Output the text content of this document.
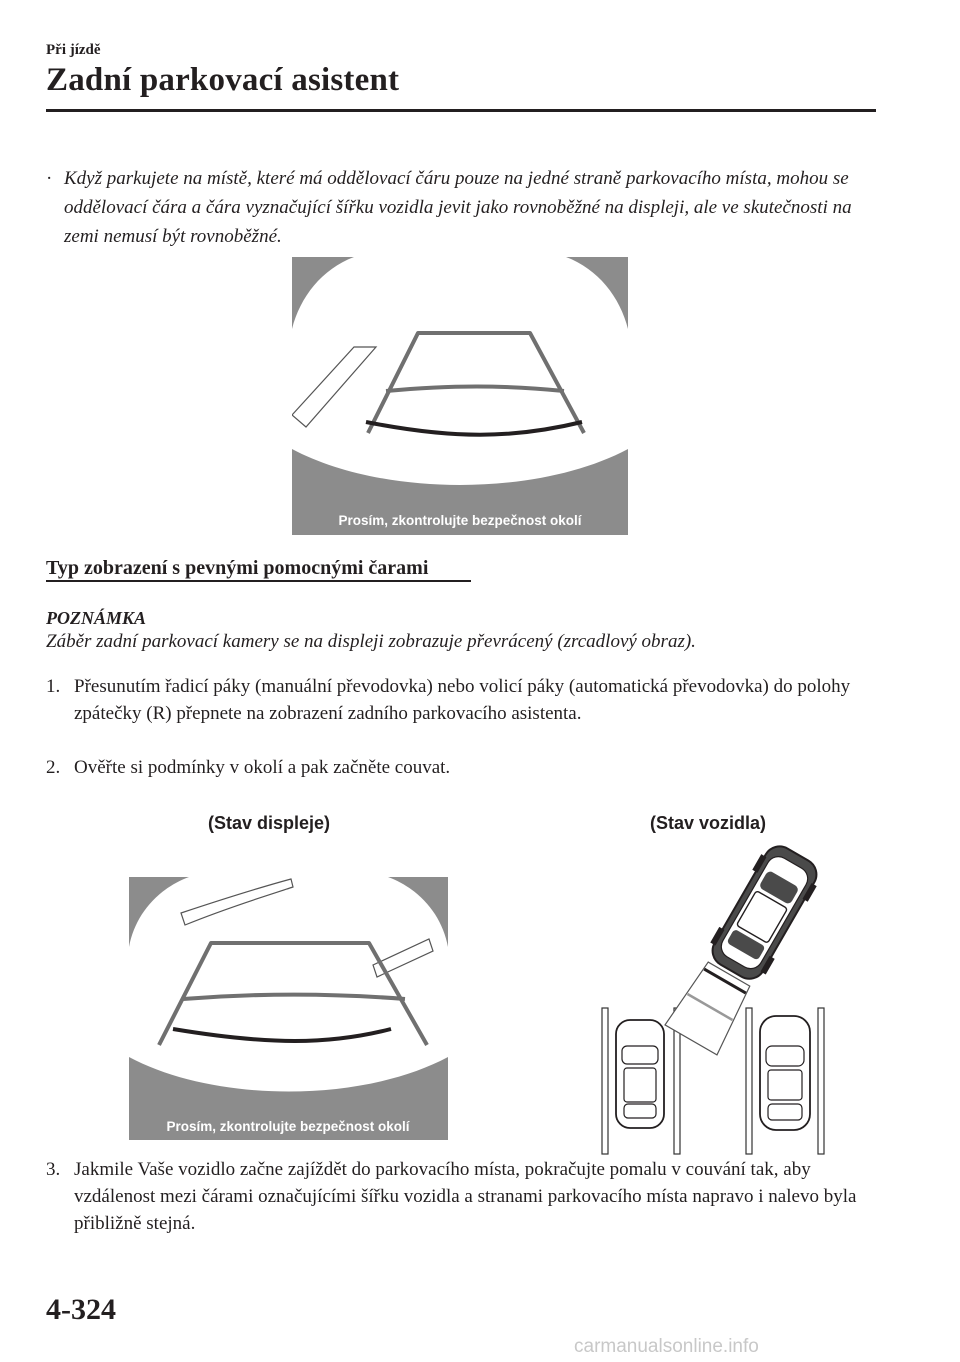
Při jízdě
Zadní parkovací asistent
· Když parkujete na místě, které má oddělovací čáru pouze na jedné straně parkovacího místa, mohou se oddělovací čára a čára vyznačující šířku vozidla jevit jako rovnoběžné na displeji, ale ve skutečnosti na zemi nemusí být rovnoběžné.
Prosím, zkontrolujte bezpečnost okolí
Typ zobrazení s pevnými pomocnými čarami
POZNÁMKA
Záběr zadní parkovací kamery se na displeji zobrazuje převrácený (zrcadlový obraz).
1. Přesunutím řadicí páky (manuální převodovka) nebo volicí páky (automatická převodovka) do polohy zpátečky (R) přepnete na zobrazení zadního parkovacího asistenta.
2. Ověřte si podmínky v okolí a pak začněte couvat.
(Stav displeje)	(Stav vozidla)
Prosím, zkontrolujte bezpečnost okolí
3. Jakmile Vaše vozidlo začne zajíždět do parkovacího místa, pokračujte pomalu v couvání tak, aby vzdálenost mezi čárami označujícími šířku vozidla a stranami parkovacího místa napravo i nalevo byla přibližně stejná.
4-324
carmanualsonline.info
